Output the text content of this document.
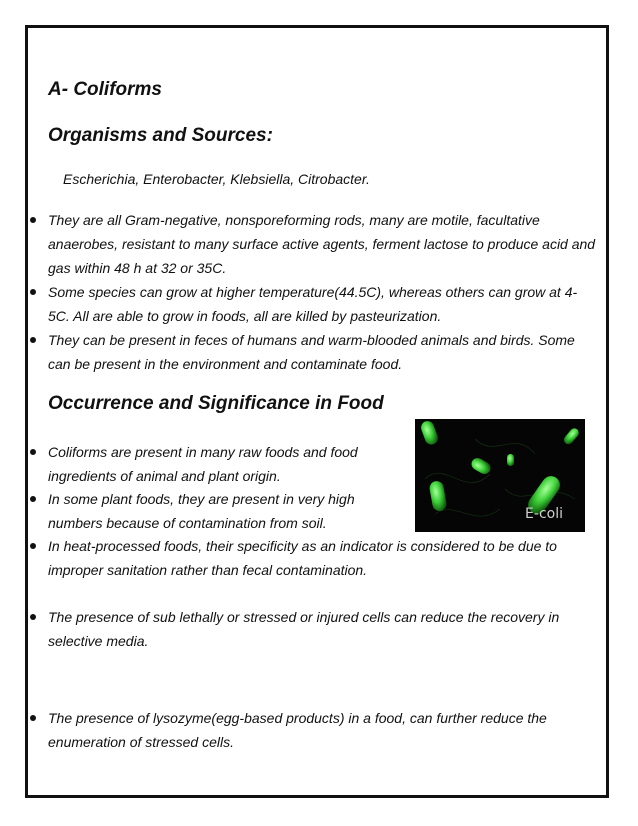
A- Coliforms
Organisms and Sources:
Escherichia, Enterobacter, Klebsiella, Citrobacter.
They are all Gram-negative, nonsporeforming rods, many are motile, facultative anaerobes, resistant to many surface active agents, ferment lactose to produce acid and gas within 48 h at 32 or 35C.
Some species can grow at higher temperature(44.5C), whereas others can grow at 4-5C. All are able to grow in foods, all are killed by pasteurization.
They can be present in feces of humans and warm-blooded animals and birds. Some can be present in the environment and contaminate food.
Occurrence and Significance in Food
E-coli
Coliforms are present in many raw foods and food ingredients of animal and plant origin.
In some plant foods, they are present in very high numbers because of contamination from soil.
In heat-processed foods, their specificity as an indicator is considered to be due to improper sanitation rather than fecal contamination.
The presence of sub lethally or stressed or injured cells can reduce the recovery in selective media.
The presence of lysozyme(egg-based products) in a food, can further reduce the enumeration of stressed cells.
